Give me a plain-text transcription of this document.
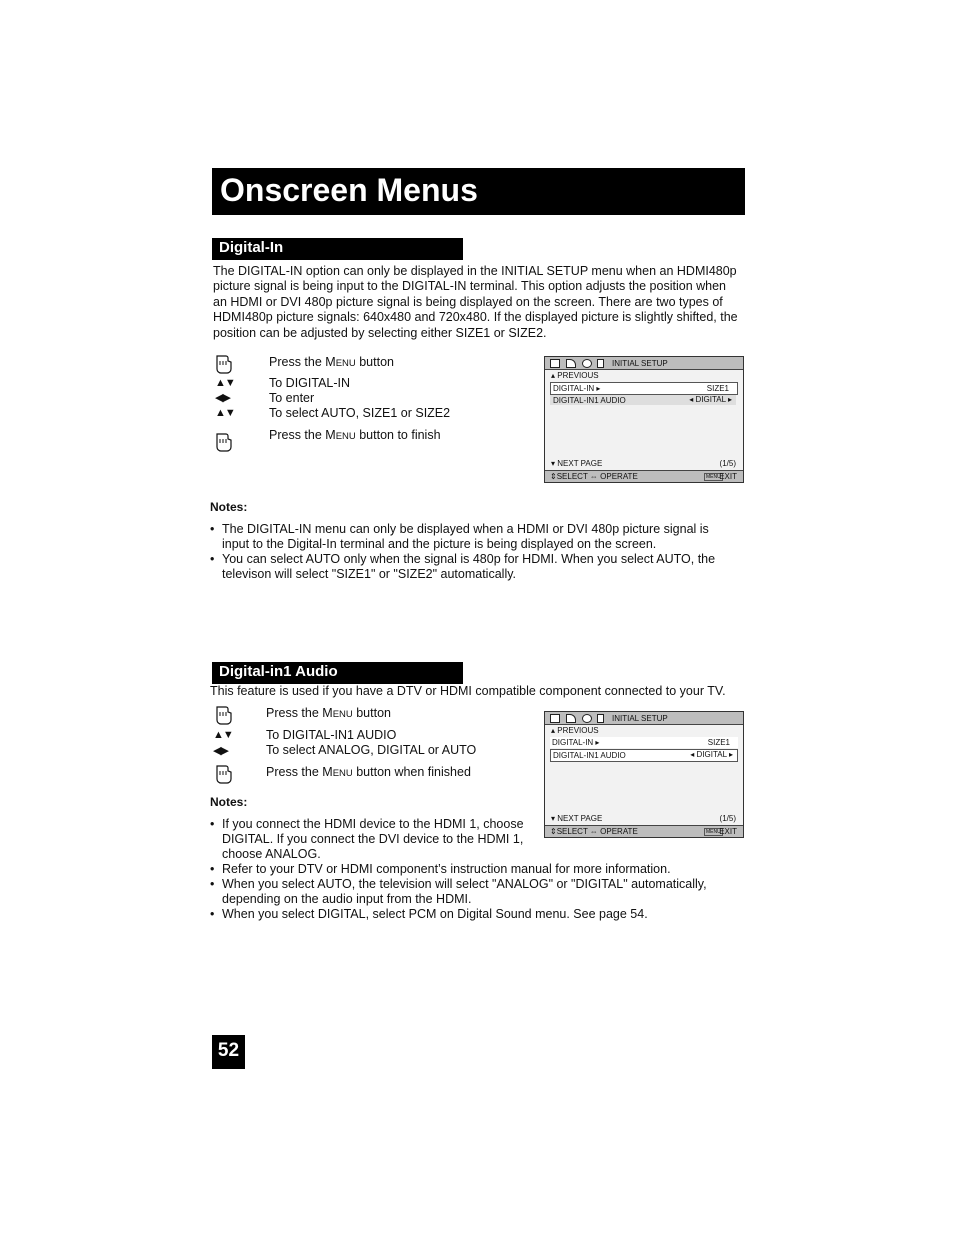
Onscreen Menus
Digital-In
The DIGITAL-IN option can only be displayed in the INITIAL SETUP menu when an HDMI480p
picture signal is being input to the DIGITAL-IN terminal. This option adjusts the position when
an HDMI or DVI 480p picture signal is being displayed on the screen. There are two types of
HDMI480p picture signals: 640x480 and 720x480. If the displayed picture is slightly shifted, the
position can be adjusted by selecting either SIZE1 or SIZE2.
Press the MENU button
▲▼	To DIGITAL-IN
◀▶	To enter
▲▼	To select AUTO, SIZE1 or SIZE2
Press the MENU button to finish
INITIAL SETUP
▴ PREVIOUS
DIGITAL-IN ▸	SIZE1
DIGITAL-IN1 AUDIO	◂ DIGITAL ▸
▾ NEXT PAGE	(1/5)
⇕SELECT ⇔ OPERATE	MENU
EXIT
Notes:
• The DIGITAL-IN menu can only be displayed when a HDMI or DVI 480p picture signal is
input to the Digital-In terminal and the picture is being displayed on the screen.
• You can select AUTO only when the signal is 480p for HDMI. When you select AUTO, the
televison will select "SIZE1" or "SIZE2" automatically.
Digital-in1 Audio
This feature is used if you have a DTV or HDMI compatible component connected to your TV.
Press the MENU button
▲▼	To DIGITAL-IN1 AUDIO
◀▶	To select ANALOG, DIGITAL or AUTO
Press the MENU button when finished
INITIAL SETUP
▴ PREVIOUS
DIGITAL-IN ▸	SIZE1
DIGITAL-IN1 AUDIO	◂ DIGITAL ▸
▾ NEXT PAGE	(1/5)
⇕SELECT ⇔ OPERATE	MENU
EXIT
Notes:
• If you connect the HDMI device to the HDMI 1, choose
DIGITAL. If you connect the DVI device to the HDMI 1,
choose ANALOG.
• Refer to your DTV or HDMI component’s instruction manual for more information.
• When you select AUTO, the television will select "ANALOG" or "DIGITAL" automatically,
depending on the audio input from the HDMI.
• When you select DIGITAL, select PCM on Digital Sound menu. See page 54.
52
